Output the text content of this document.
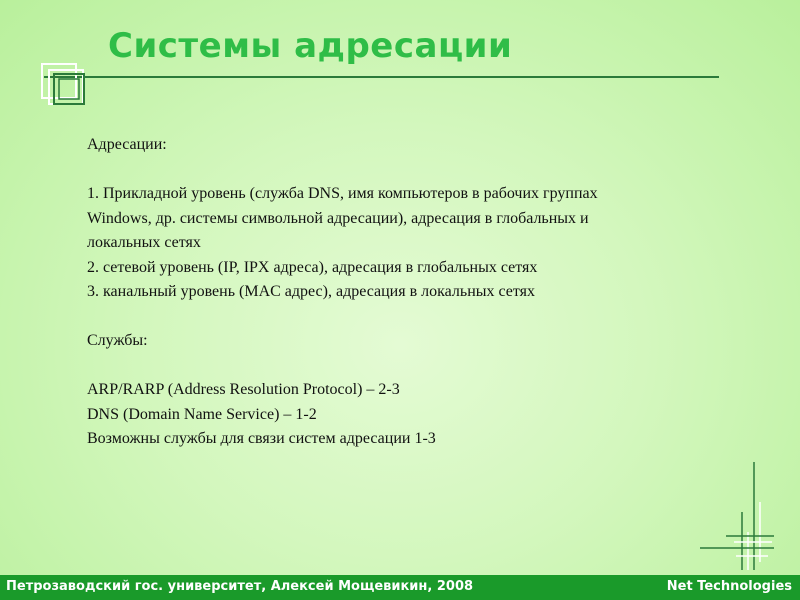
Системы адресации
Адресации:
1. Прикладной уровень (служба DNS, имя компьютеров в рабочих группах
Windows, др. системы символьной адресации), адресация в глобальных и
локальных сетях
2. сетевой уровень (IP, IPX адреса), адресация в глобальных сетях
3. канальный уровень (MAC адрес), адресация в локальных сетях
Службы:
ARP/RARP (Address Resolution Protocol) – 2-3
DNS (Domain Name Service) – 1-2
Возможны службы для связи систем адресации 1-3
Петрозаводский гос. университет, Алексей Мощевикин, 2008	Net Technologies
